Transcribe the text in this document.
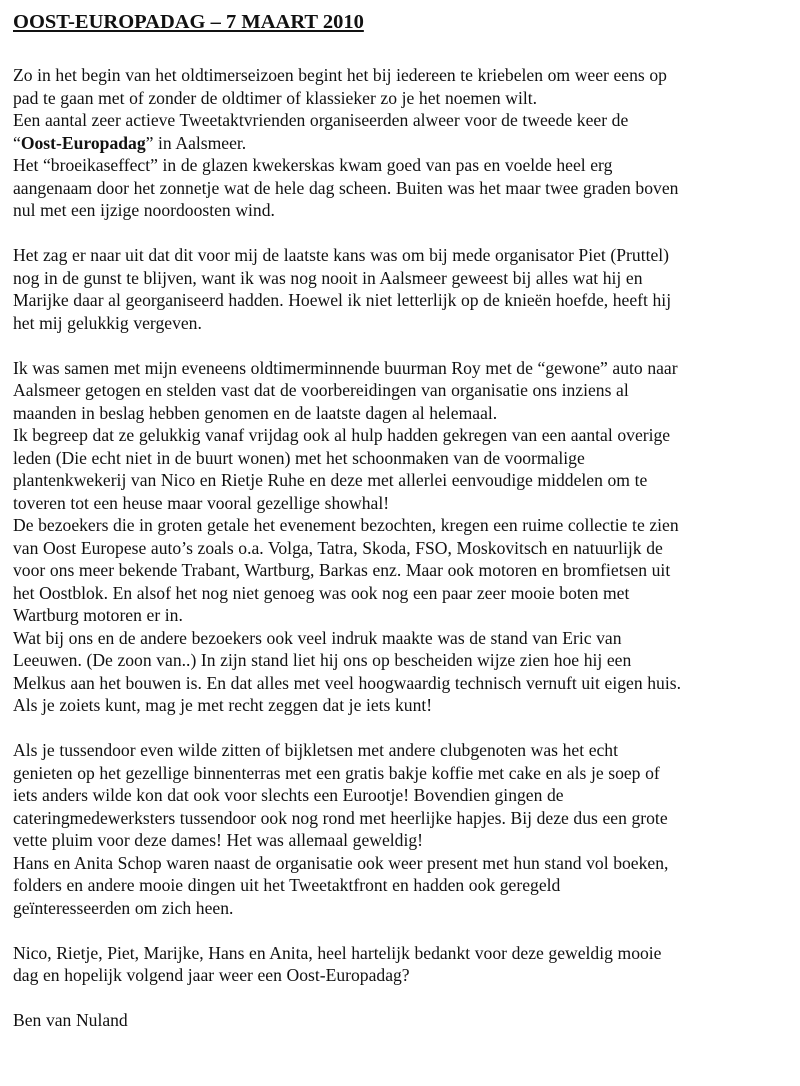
OOST-EUROPADAG – 7 MAART 2010
Zo in het begin van het oldtimerseizoen begint het bij iedereen te kriebelen om weer eens op
pad te gaan met of zonder de oldtimer of klassieker zo je het noemen wilt.
Een aantal zeer actieve Tweetaktvrienden organiseerden alweer voor de tweede keer de
“Oost-Europadag” in Aalsmeer.
Het “broeikaseffect” in de glazen kwekerskas kwam goed van pas en voelde heel erg
aangenaam door het zonnetje wat de hele dag scheen. Buiten was het maar twee graden boven
nul met een ijzige noordoosten wind.
Het zag er naar uit dat dit voor mij de laatste kans was om bij mede organisator Piet (Pruttel)
nog in de gunst te blijven, want ik was nog nooit in Aalsmeer geweest bij alles wat hij en
Marijke daar al georganiseerd hadden. Hoewel ik niet letterlijk op de knieën hoefde, heeft hij
het mij gelukkig vergeven.
Ik was samen met mijn eveneens oldtimerminnende buurman Roy met de “gewone” auto naar
Aalsmeer getogen en stelden vast dat de voorbereidingen van organisatie ons inziens al
maanden in beslag hebben genomen en de laatste dagen al helemaal.
Ik begreep dat ze gelukkig vanaf vrijdag ook al hulp hadden gekregen van een aantal overige
leden (Die echt niet in de buurt wonen) met het schoonmaken van de voormalige
plantenkwekerij van Nico en Rietje Ruhe en deze met allerlei eenvoudige middelen om te
toveren tot een heuse maar vooral gezellige showhal!
De bezoekers die in groten getale het evenement bezochten, kregen een ruime collectie te zien
van Oost Europese auto’s zoals o.a. Volga, Tatra, Skoda, FSO, Moskovitsch en natuurlijk de
voor ons meer bekende Trabant, Wartburg, Barkas enz. Maar ook motoren en bromfietsen uit
het Oostblok. En alsof het nog niet genoeg was ook nog een paar zeer mooie boten met
Wartburg motoren er in.
Wat bij ons en de andere bezoekers ook veel indruk maakte was de stand van Eric van
Leeuwen. (De zoon van..) In zijn stand liet hij ons op bescheiden wijze zien hoe hij een
Melkus aan het bouwen is. En dat alles met veel hoogwaardig technisch vernuft uit eigen huis.
Als je zoiets kunt, mag je met recht zeggen dat je iets kunt!
Als je tussendoor even wilde zitten of bijkletsen met andere clubgenoten was het echt
genieten op het gezellige binnenterras met een gratis bakje koffie met cake en als je soep of
iets anders wilde kon dat ook voor slechts een Eurootje! Bovendien gingen de
cateringmedewerksters tussendoor ook nog rond met heerlijke hapjes. Bij deze dus een grote
vette pluim voor deze dames! Het was allemaal geweldig!
Hans en Anita Schop waren naast de organisatie ook weer present met hun stand vol boeken,
folders en andere mooie dingen uit het Tweetaktfront en hadden ook geregeld
geïnteresseerden om zich heen.
Nico, Rietje, Piet, Marijke, Hans en Anita, heel hartelijk bedankt voor deze geweldig mooie
dag en hopelijk volgend jaar weer een Oost-Europadag?
Ben van Nuland
